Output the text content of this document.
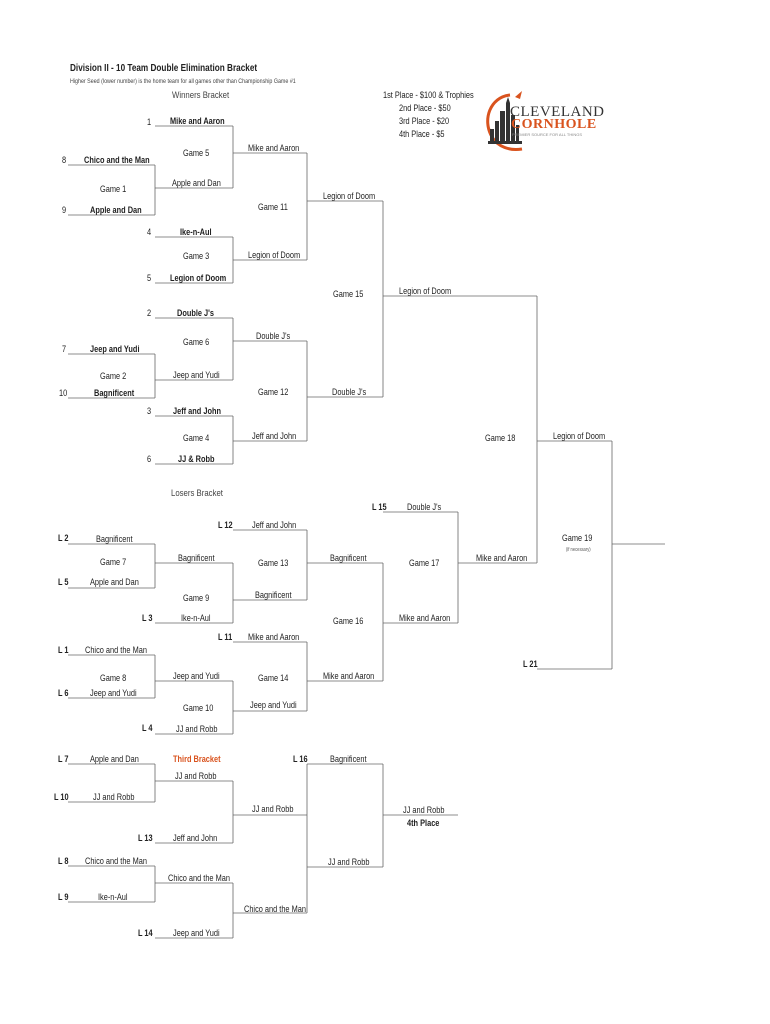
Division II - 10 Team Double Elimination Bracket
Higher Seed (lower number) is the home team for all games other than Championship Game #1
Winners Bracket	1st Place - $100 & Trophies
2nd Place - $50
3rd Place - $20
4th Place - $5
CLEVELAND
CORNHOLE
PREMIER SOURCE FOR ALL THINGS
1
8
9
4
5
2
7
10
3
6
Mike and Aaron
Chico and the Man
Game 1
Apple and Dan
Game 5	Mike and Aaron
Apple and Dan
Game 11
Legion of Doom
Ike-n-Aul
Game 3	Legion of Doom
Legion of Doom
Game 15	Legion of Doom
Double J's
Game 6
Double J's
Jeep and Yudi
Game 2	Jeep and Yudi
Bagnificent	Game 12	Double J's
Jeff and John
Game 4	Jeff and John
JJ & Robb
Game 18	Legion of Doom
Losers Bracket
L 12 Jeff and John
L 2	Bagnificent
Game 7	Bagnificent
L 5 Apple and Dan
Game 13	Bagnificent
Game 9	Bagnificent
L 3	Ike-n-Aul
L 15 Double J's
Game 17	Mike and Aaron
Game 19
(if necessary)
Game 16	Mike and Aaron
L 11 Mike and Aaron
L 1 Chico and the Man
Game 8	Jeep and Yudi
L 6 Jeep and Yudi
Game 14	Mike and Aaron
Game 10	Jeep and Yudi
L 4	JJ and Robb
L 21
Third Bracket
L 7 Apple and Dan
JJ and Robb
L 10	JJ and Robb
L 16 Bagnificent
JJ and Robb	JJ and Robb
4th Place
L 13 Jeff and John
L 8 Chico and the Man	JJ and Robb
Chico and the Man
L 9	Ike-n-Aul
Chico and the Man
L 14 Jeep and Yudi
